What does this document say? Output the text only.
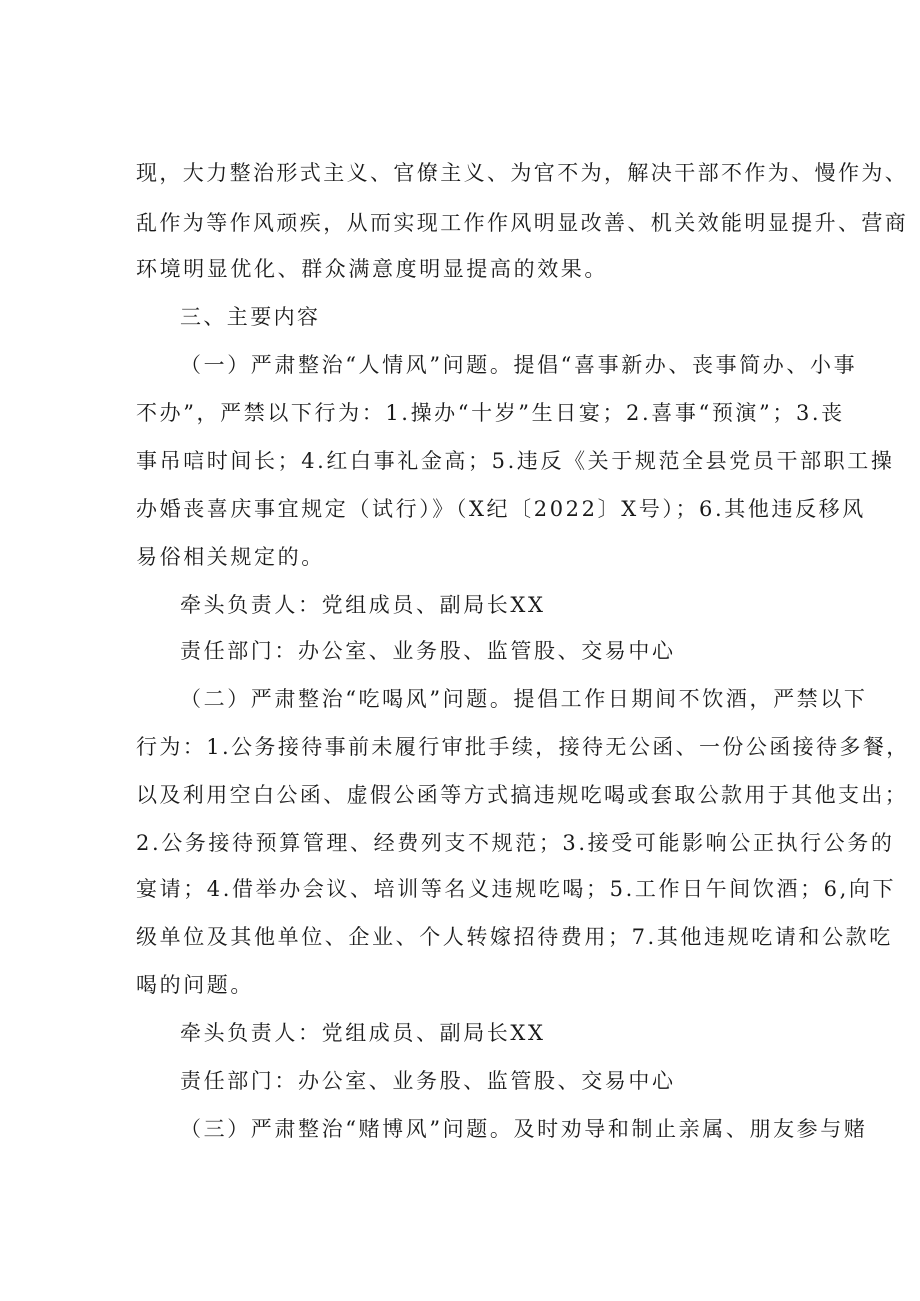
现，大力整治形式主义、官僚主义、为官不为，解决干部不作为、慢作为、
乱作为等作风顽疾，从而实现工作作风明显改善、机关效能明显提升、营商
环境明显优化、群众满意度明显提高的效果。
三、主要内容
（一）严肃整治“人情风”问题。提倡“喜事新办、丧事简办、小事
不办”，严禁以下行为：1.操办“十岁”生日宴；2.喜事“预演”；3.丧
事吊唁时间长；4.红白事礼金高；5.违反《关于规范全县党员干部职工操
办婚丧喜庆事宜规定（试行）》（X纪〔2022〕X号）；6.其他违反移风
易俗相关规定的。
牵头负责人：党组成员、副局长XX
责任部门：办公室、业务股、监管股、交易中心
（二）严肃整治“吃喝风”问题。提倡工作日期间不饮酒，严禁以下
行为：1.公务接待事前未履行审批手续，接待无公函、一份公函接待多餐，
以及利用空白公函、虚假公函等方式搞违规吃喝或套取公款用于其他支出；
2.公务接待预算管理、经费列支不规范；3.接受可能影响公正执行公务的
宴请；4.借举办会议、培训等名义违规吃喝；5.工作日午间饮酒；6,向下
级单位及其他单位、企业、个人转嫁招待费用；7.其他违规吃请和公款吃
喝的问题。
牵头负责人：党组成员、副局长XX
责任部门：办公室、业务股、监管股、交易中心
（三）严肃整治“赌博风”问题。及时劝导和制止亲属、朋友参与赌
